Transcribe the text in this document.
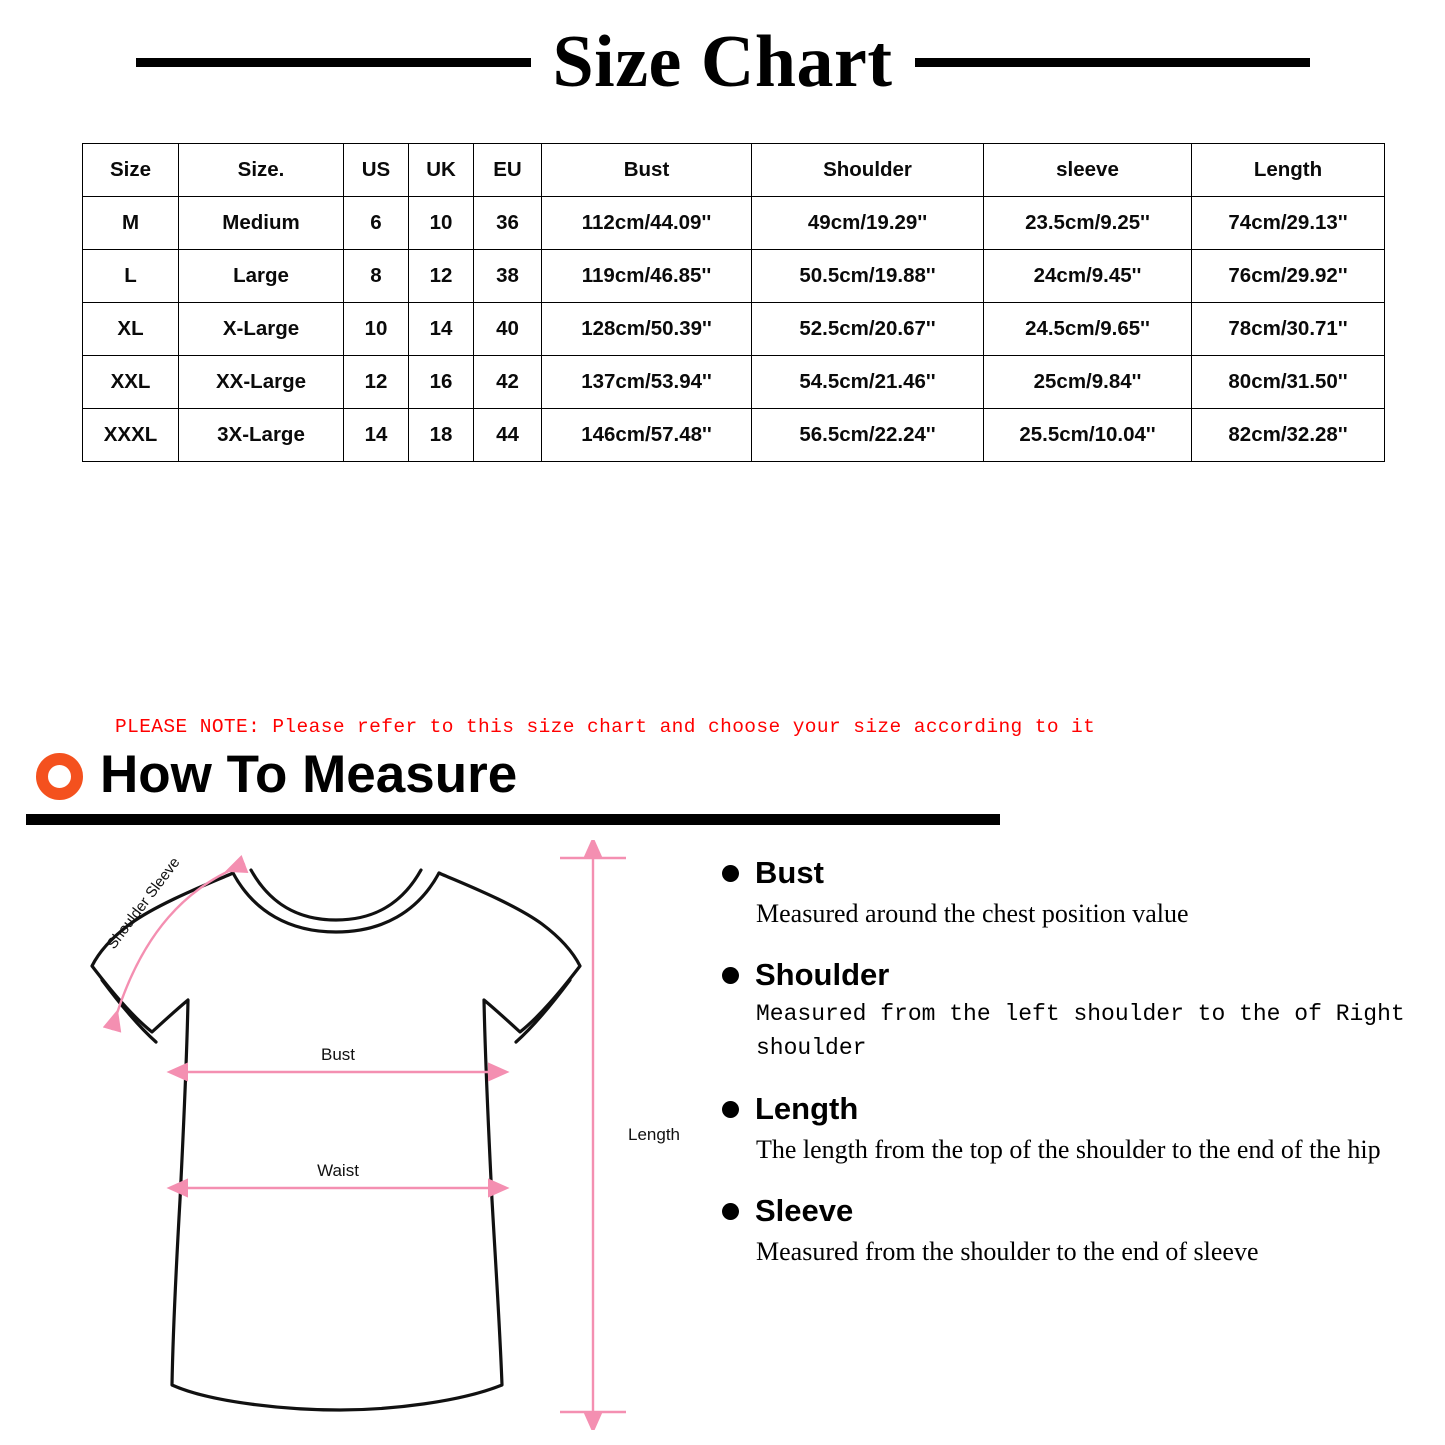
Size Chart
Size	Size.	US	UK	EU	Bust	Shoulder	sleeve	Length
M	Medium	6	10	36	112cm/44.09''	49cm/19.29''	23.5cm/9.25''	74cm/29.13''
L	Large	8	12	38	119cm/46.85''	50.5cm/19.88''	24cm/9.45''	76cm/29.92''
XL	X-Large	10	14	40	128cm/50.39''	52.5cm/20.67''	24.5cm/9.65''	78cm/30.71''
XXL	XX-Large	12	16	42	137cm/53.94''	54.5cm/21.46''	25cm/9.84''	80cm/31.50''
XXXL	3X-Large	14	18	44	146cm/57.48''	56.5cm/22.24''	25.5cm/10.04''	82cm/32.28''
PLEASE NOTE: Please refer to this size chart and choose your size according to it
How To Measure
Shoulder Sleeve
Bust
Waist
Length
Bust
Measured around the chest position value
Shoulder
Measured from the left shoulder to the of Right shoulder
Length
The length from the top of the shoulder to the end of the hip
Sleeve
Measured from the shoulder to the end of sleeve
